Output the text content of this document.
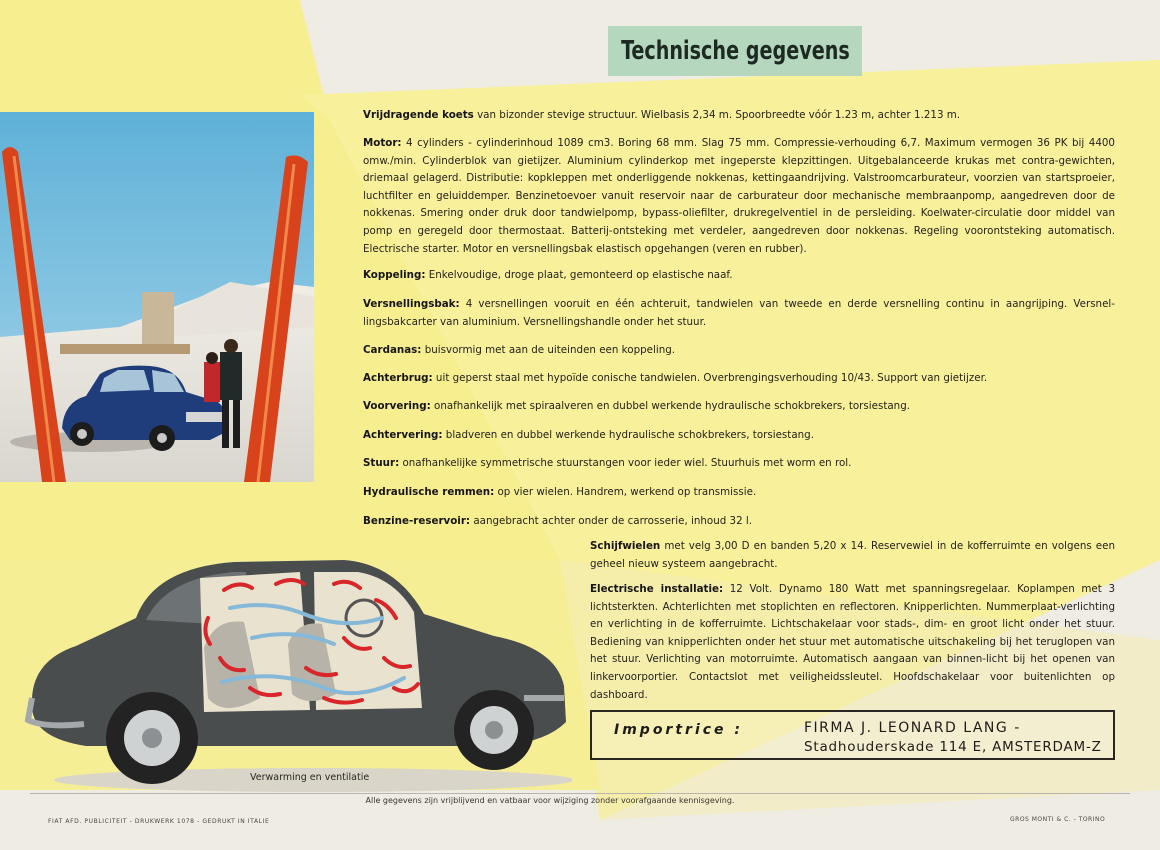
Technische gegevens

Vrijdragende koets van bizonder stevige structuur. Wielbasis 2,34 m. Spoorbreedte vóór 1.23 m, achter 1.213 m.

Motor: 4 cylinders - cylinderinhoud 1089 cm3. Boring 68 mm. Slag 75 mm. Compressie-verhouding 6,7. Maximum vermogen 36 PK bij 4400 omw./min. Cylinderblok van gietijzer. Aluminium cylinderkop met ingeperste klepzittingen. Uitgebalanceerde krukas met contra-gewichten, driemaal gelagerd. Distributie: kopkleppen met onderliggende nokkenas, kettingaandrijving. Valstroomcarburateur, voorzien van startsproeier, luchtfilter en geluiddemper. Benzinetoevoer vanuit reservoir naar de carburateur door mechanische membraanpomp, aangedreven door de nokkenas. Smering onder druk door tandwielpomp, bypass-oliefilter, drukregelventiel in de persleiding. Koelwater-circulatie door middel van pomp en geregeld door thermostaat. Batterij-ontsteking met verdeler, aangedreven door nokkenas. Regeling voorontsteking automatisch. Electrische starter. Motor en versnellingsbak elastisch opgehangen (veren en rubber).

Koppeling: Enkelvoudige, droge plaat, gemonteerd op elastische naaf.

Versnellingsbak: 4 versnellingen vooruit en één achteruit, tandwielen van tweede en derde versnelling continu in aangrijping. Versnel-lingsbakcarter van aluminium. Versnellingshandle onder het stuur.

Cardanas: buisvormig met aan de uiteinden een koppeling.

Achterbrug: uit geperst staal met hypoïde conische tandwielen. Overbrengingsverhouding 10/43. Support van gietijzer.

Voorvering: onafhankelijk met spiraalveren en dubbel werkende hydraulische schokbrekers, torsiestang.

Achtervering: bladveren en dubbel werkende hydraulische schokbrekers, torsiestang.

Stuur: onafhankelijke symmetrische stuurstangen voor ieder wiel. Stuurhuis met worm en rol.

Hydraulische remmen: op vier wielen. Handrem, werkend op transmissie.

Benzine-reservoir: aangebracht achter onder de carrosserie, inhoud 32 l.

Schijfwielen met velg 3,00 D en banden 5,20 x 14. Reservewiel in de kofferruimte en volgens een geheel nieuw systeem aangebracht.

Electrische installatie: 12 Volt. Dynamo 180 Watt met spanningsregelaar. Koplampen met 3 lichtsterkten. Achterlichten met stoplichten en reflectoren. Knipperlichten. Nummerplaat-verlichting en verlichting in de kofferruimte. Lichtschakelaar voor stads-, dim- en groot licht onder het stuur. Bediening van knipperlichten onder het stuur met automatische uitschakeling bij het teruglopen van het stuur. Verlichting van motorruimte. Automatisch aangaan van binnen-licht bij het openen van linkervoorportier. Contactslot met veiligheidssleutel. Hoofdschakelaar voor buitenlichten op dashboard.

Verwarming en ventilatie
Importrice :	FIRMA J. LEONARD LANG -
Stadhouderskade 114 E, AMSTERDAM-Z
Alle gegevens zijn vrijblijvend en vatbaar voor wijziging zonder voorafgaande kennisgeving.
FIAT AFD. PUBLICITEIT - DRUKWERK 1078 - GEDRUKT IN ITALIE	GROS MONTI & C. - TORINO
